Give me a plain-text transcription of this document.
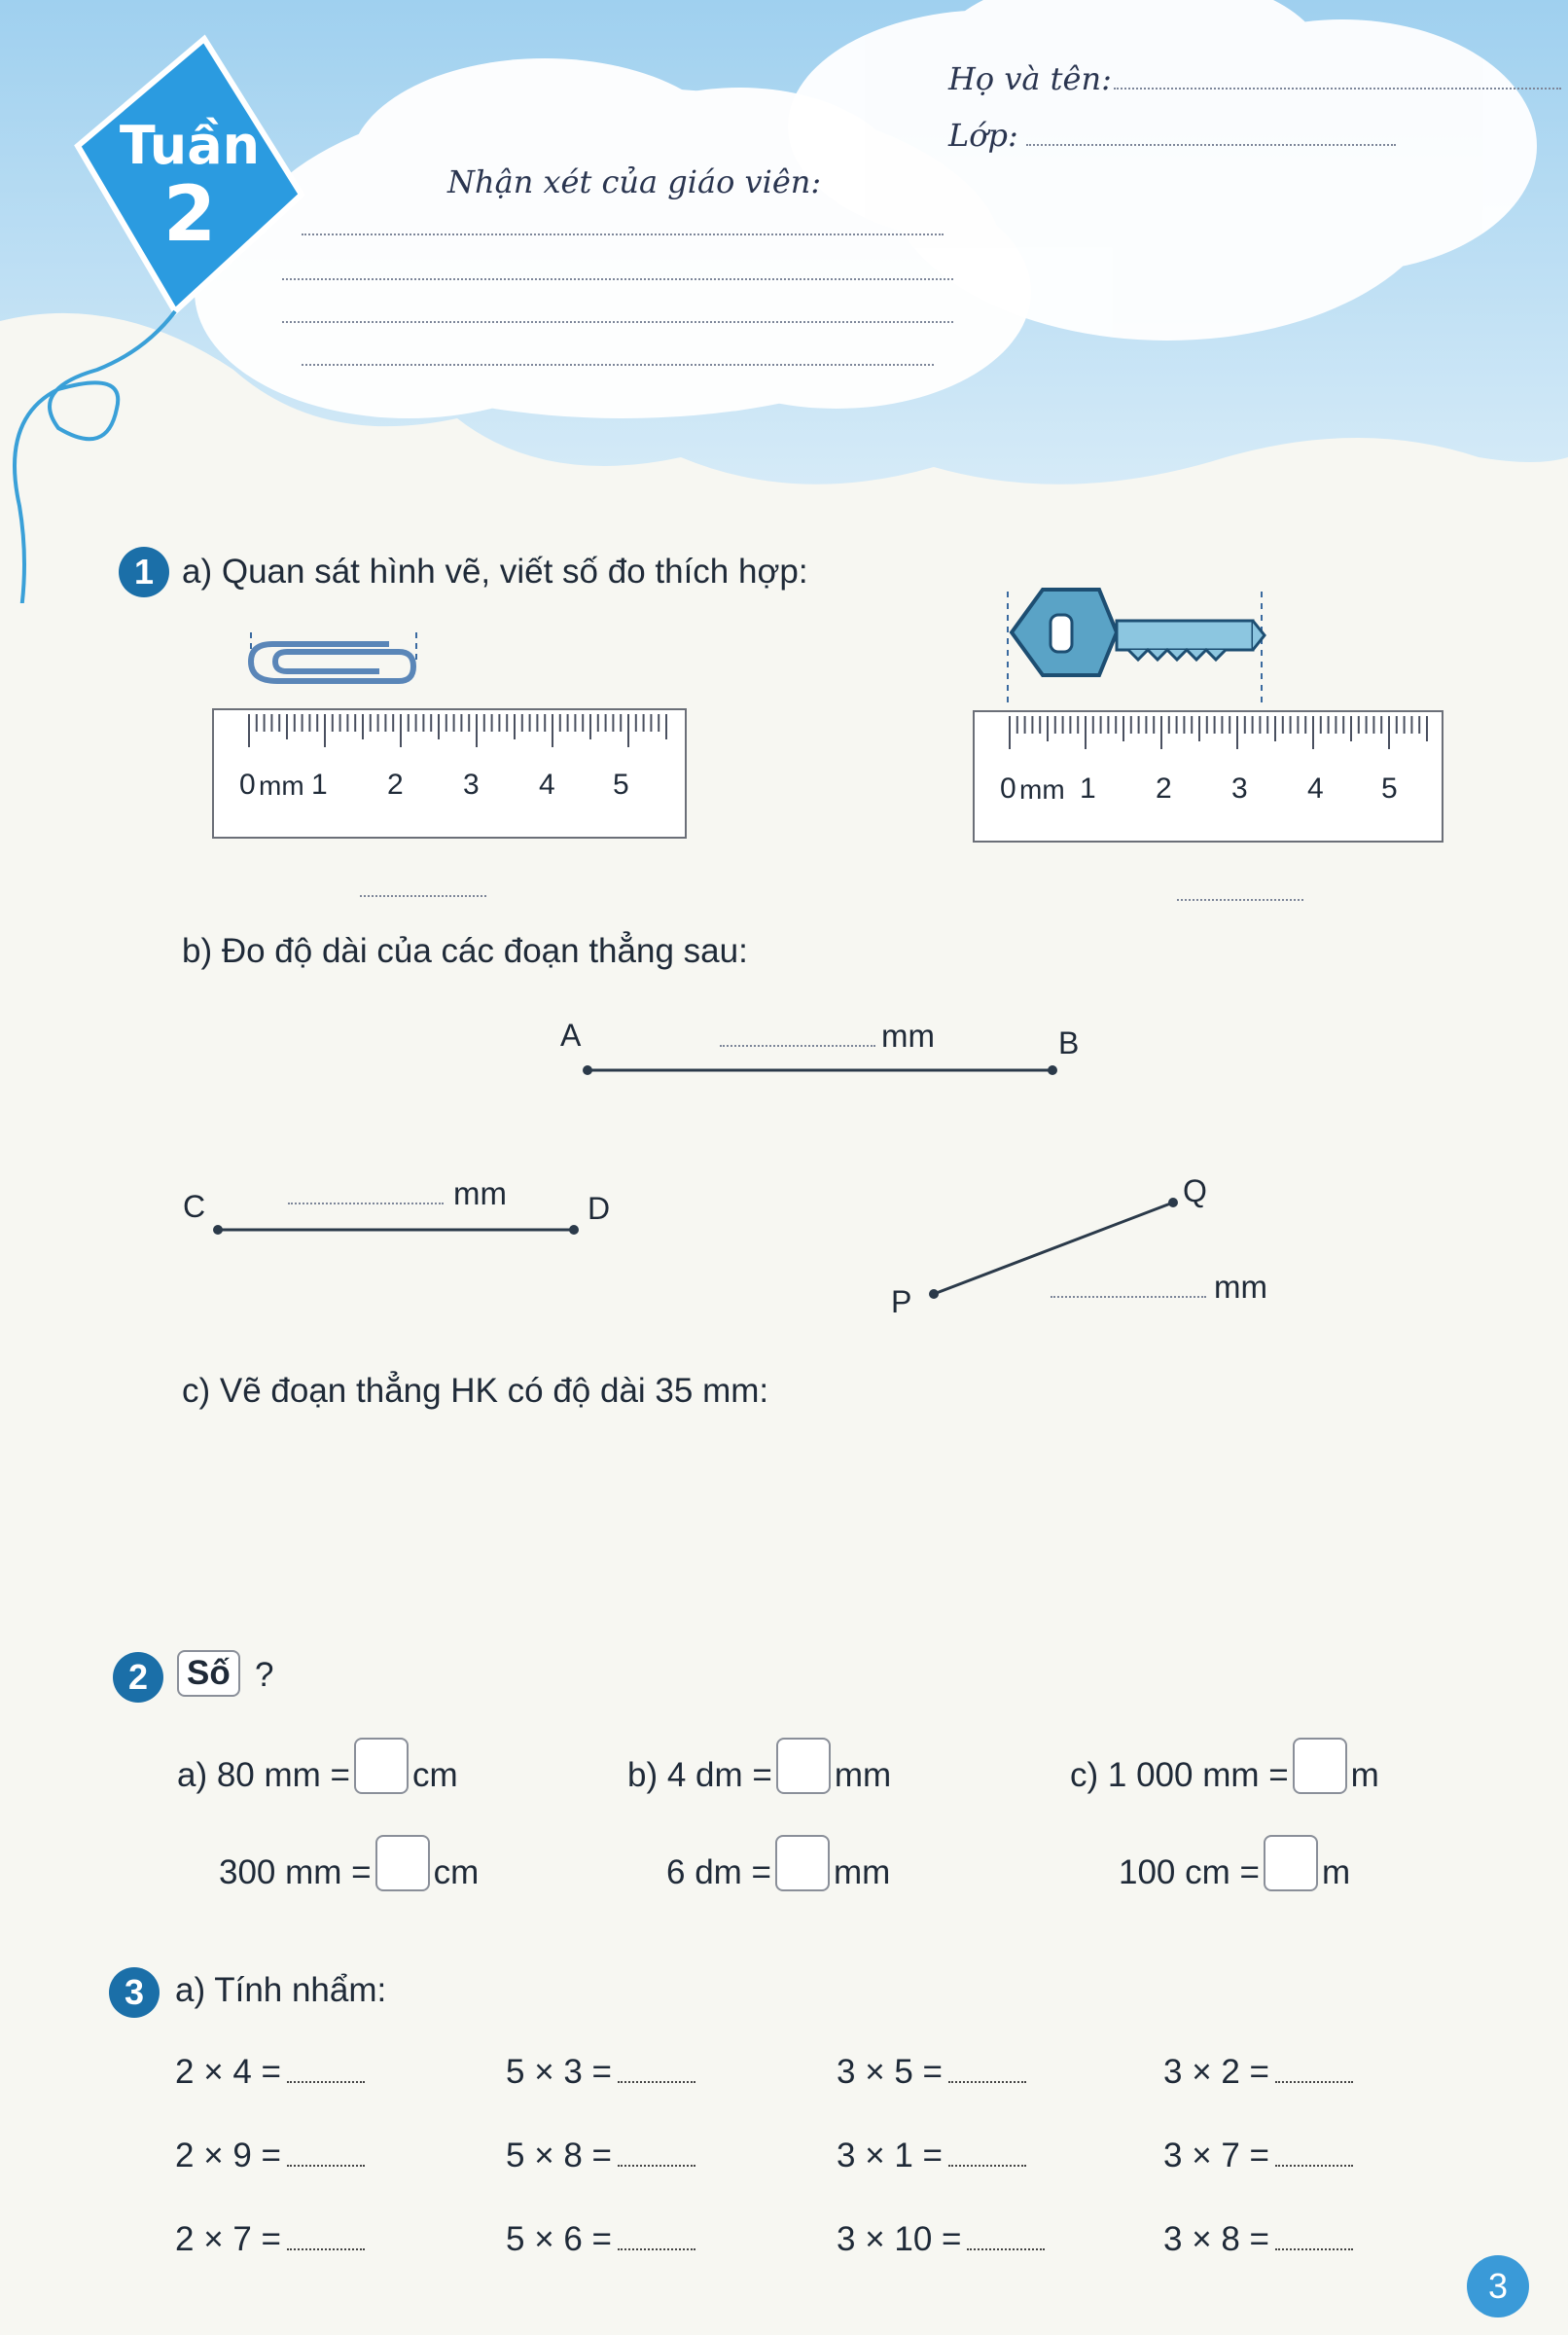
Tuần
2	Nhận xét của giáo viên:
Họ và tên:
Lớp:
1 a) Quan sát hình vẽ, viết số đo thích hợp:
0 mm 1 2 3 4 5	0 mm 1 2 3 4 5
b) Đo độ dài của các đoạn thẳng sau:
A	mm	B
C	mm	D	Q
P	mm
c) Vẽ đoạn thẳng HK có độ dài 35 mm:
2	Số ?
a) 80 mm = cm	b) 4 dm = mm	c) 1 000 mm = m
300 mm = cm	6 dm = mm	100 cm = m
3 a) Tính nhẩm:
2 × 4 =	5 × 3 =	3 × 5 =	3 × 2 =
2 × 9 =	5 × 8 =	3 × 1 =	3 × 7 =
2 × 7 =	5 × 6 =	3 × 10 =	3 × 8 =
3
